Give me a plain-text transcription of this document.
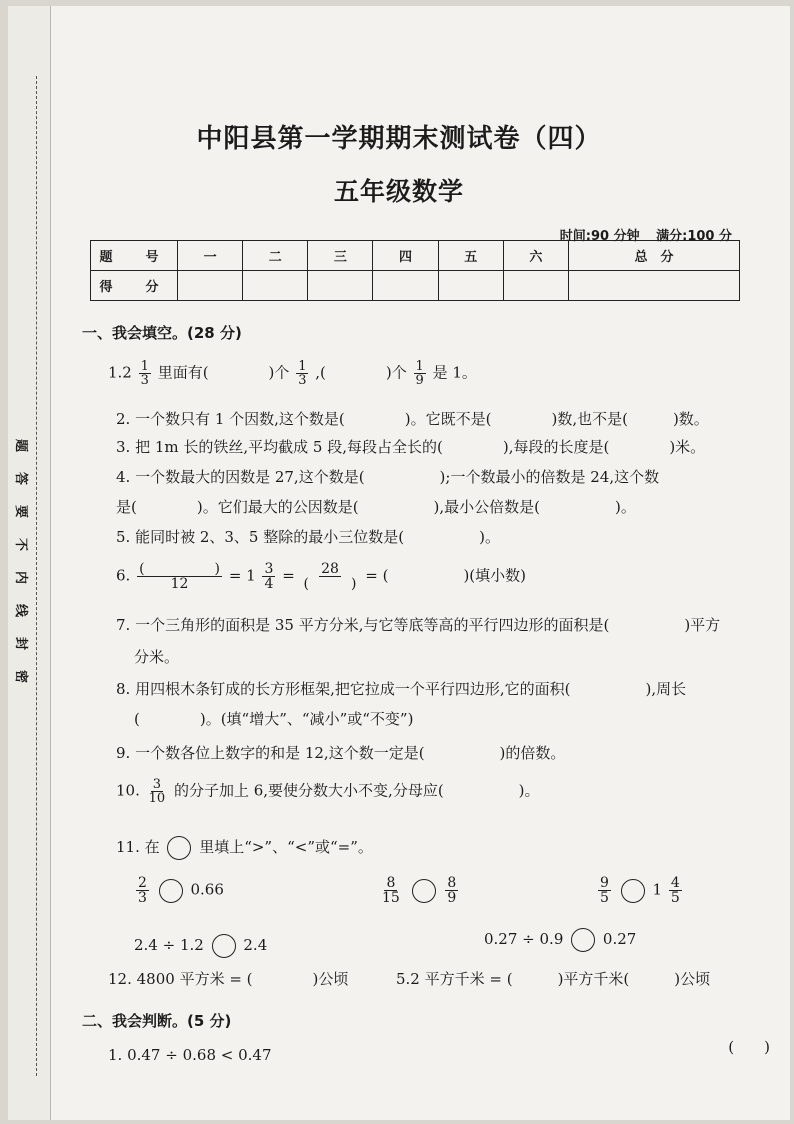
题
答
要
不
内
线
封
密
中阳县第一学期期末测试卷（四）
五年级数学
时间:90 分钟 满分:100 分
题　号	一	二	三	四	五	六	总　分
得　分							
一、我会填空。(28 分)
$1.2 \frac{1}{3}$ 里面有(　　　　)个 $\frac{1}{3}$ ,(　　　　)个 $\frac{1}{9}$ 是 1。
2. 一个数只有 1 个因数,这个数是(　　　　)。它既不是(　　　　)数,也不是(　　　)数。
3. 把 1m 长的铁丝,平均截成 5 段,每段占全长的(　　　　),每段的长度是(　　　　)米。
4. 一个数最大的因数是 27,这个数是(　　　　　);一个数最小的倍数是 24,这个数
是(　　　　)。它们最大的公因数是(　　　　　),最小公倍数是(　　　　　)。
5. 能同时被 2、3、5 整除的最小三位数是(　　　　　)。
6. $\frac{( )}{12} = 1 \frac{3}{4} = \frac{28}{( )}$ = (　　　　　)(填小数)
7. 一个三角形的面积是 35 平方分米,与它等底等高的平行四边形的面积是(　　　　　)平方
分米。
8. 用四根木条钉成的长方形框架,把它拉成一个平行四边形,它的面积(　　　　　),周长
(　　　　)。(填“增大”、“减小”或“不变”)
9. 一个数各位上数字的和是 12,这个数一定是(　　　　　)的倍数。
10. $\frac{3}{10}$ 的分子加上 6,要使分数大小不变,分母应(　　　　　)。
11. 在	里填上“>”、“<”或“=”。
$\frac{2}{3}$	0.66	$\frac{8}{15}$
	$\frac{8}{9}$	$\frac{9}{5}$	$1 \frac{4}{5}$
2.4 ÷ 1.2	2.4	0.27 ÷ 0.9	0.27
12. 4800 平方米 = (　　　　)公顷	5.2 平方千米 = (　　　)平方千米(　　　)公顷
二、我会判断。(5 分)
1. 0.47 ÷ 0.68 < 0.47	(　　)
